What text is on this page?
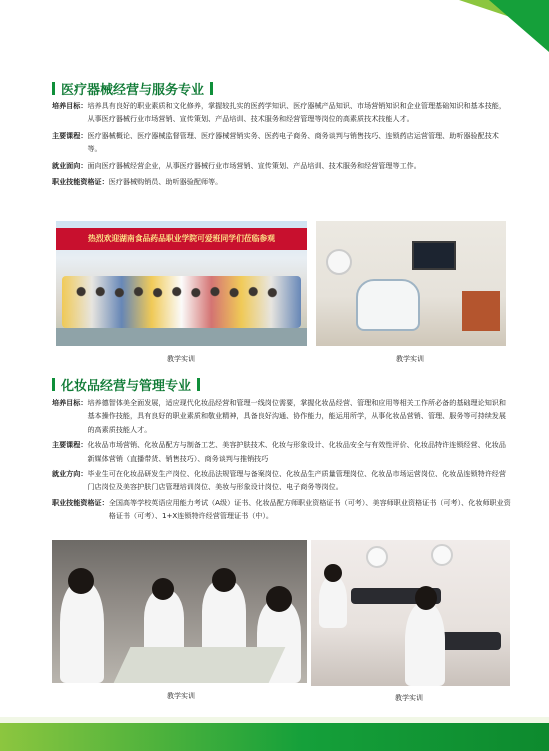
医疗器械经营与服务专业
培养目标： 培养具有良好的职业素质和文化修养，掌握较扎实的医药学知识、医疗器械产品知识、市场营销知识和企业管理基础知识和基本技能，从事医疗器械行业市场营销、宣传策划、产品培训、技术服务和经营管理等岗位的高素质技术技能人才。
主要课程： 医疗器械概论、医疗器械监督管理、医疗器械营销实务、医药电子商务、商务谈判与销售技巧、连锁药店运营管理、助听器验配技术等。
就业面向： 面向医疗器械经营企业，从事医疗器械行业市场营销、宣传策划、产品培训、技术服务和经营管理等工作。
职业技能资格证： 医疗器械购销员、助听器验配师等。
热烈欢迎湖南食品药品职业学院可爱班同学们莅临参观
教学实训	教学实训
化妆品经营与管理专业
培养目标： 培养德智体美全面发展，适应现代化妆品经营和管理一线岗位需要，掌握化妆品经营、管理和应用等相关工作所必备的基础理论知识和基本操作技能，具有良好的职业素质和敬业精神，具备良好沟通、协作能力，能运用所学，从事化妆品营销、管理、服务等可持续发展的高素质技能人才。
主要课程： 化妆品市场营销、化妆品配方与制备工艺、美容护肤技术、化妆与形象设计、化妆品安全与有效性评价、化妆品特许连锁经营、化妆品新媒体营销（直播带货、销售技巧）、商务谈判与推销技巧
就业方向： 毕业生可在化妆品研发生产岗位、化妆品法规管理与备案岗位、化妆品生产质量管理岗位、化妆品市场运营岗位、化妆品连锁特许经营门店岗位及美容护肤门店管理培训岗位、美妆与形象设计岗位、电子商务等岗位。
职业技能资格证： 全国高等学校英语应用能力考试（A级）证书、化妆品配方师职业资格证书（可考）、美容师职业资格证书（可考）、化妆师职业资格证书（可考）、1+X连锁特许经营管理证书（中）。
教学实训	教学实训
